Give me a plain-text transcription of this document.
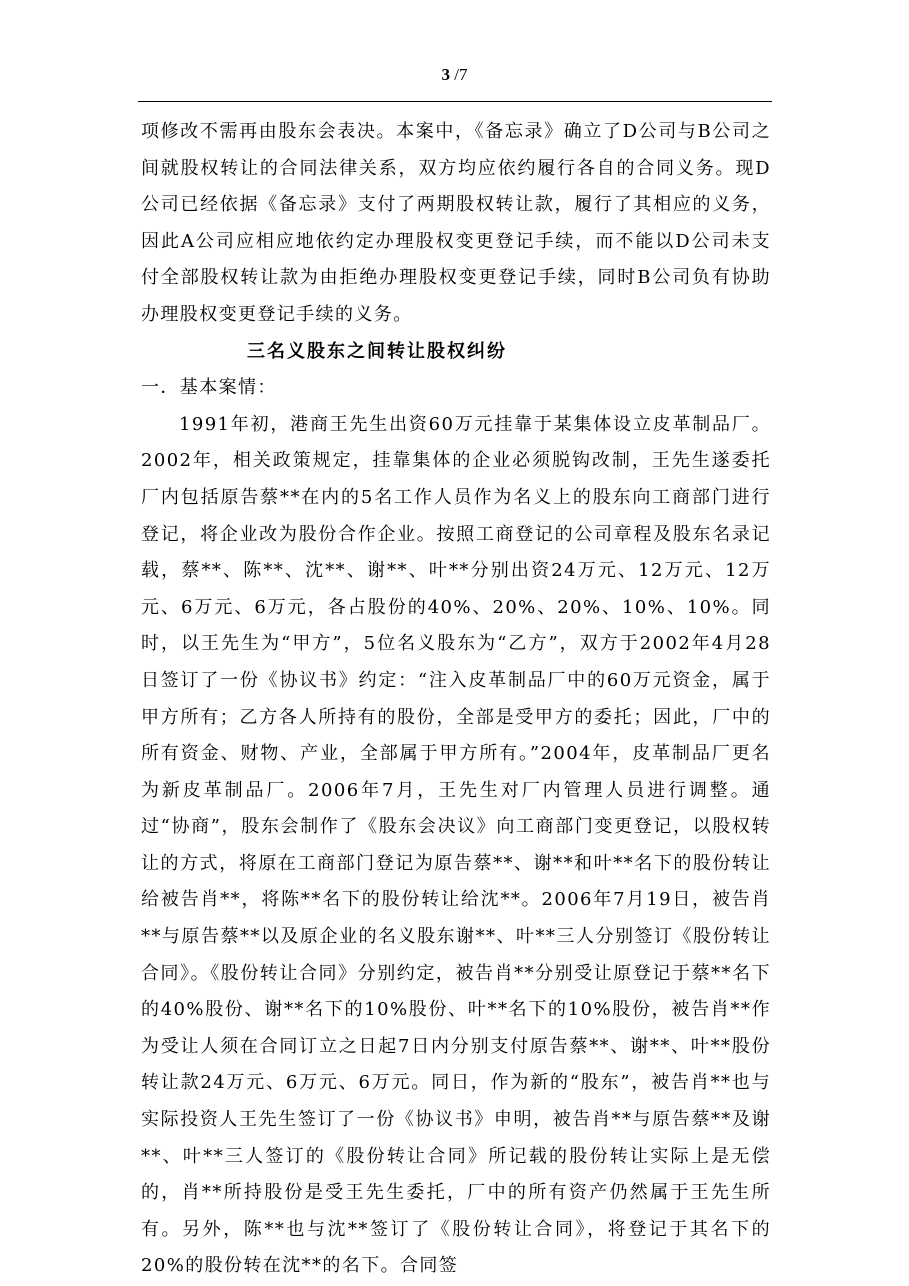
3 /7

项修改不需再由股东会表决。本案中，《备忘录》确立了D公司与B公司之间就股权转让的合同法律关系，双方均应依约履行各自的合同义务。现D公司已经依据《备忘录》支付了两期股权转让款，履行了其相应的义务，因此A公司应相应地依约定办理股权变更登记手续，而不能以D公司未支付全部股权转让款为由拒绝办理股权变更登记手续，同时B公司负有协助办理股权变更登记手续的义务。

三名义股东之间转让股权纠纷

一．基本案情：

1991年初，港商王先生出资60万元挂靠于某集体设立皮革制品厂。2002年，相关政策规定，挂靠集体的企业必须脱钩改制，王先生遂委托厂内包括原告蔡**在内的5名工作人员作为名义上的股东向工商部门进行登记，将企业改为股份合作企业。按照工商登记的公司章程及股东名录记载，蔡**、陈**、沈**、谢**、叶**分别出资24万元、12万元、12万元、6万元、6万元，各占股份的40%、20%、20%、10%、10%。同时，以王先生为“甲方”，5位名义股东为“乙方”，双方于2002年4月28日签订了一份《协议书》约定：“注入皮革制品厂中的60万元资金，属于甲方所有；乙方各人所持有的股份，全部是受甲方的委托；因此，厂中的所有资金、财物、产业，全部属于甲方所有。”2004年，皮革制品厂更名为新皮革制品厂。2006年7月，王先生对厂内管理人员进行调整。通过“协商”，股东会制作了《股东会决议》向工商部门变更登记，以股权转让的方式，将原在工商部门登记为原告蔡**、谢**和叶**名下的股份转让给被告肖**，将陈**名下的股份转让给沈**。2006年7月19日，被告肖**与原告蔡**以及原企业的名义股东谢**、叶**三人分别签订《股份转让合同》。《股份转让合同》分别约定，被告肖**分别受让原登记于蔡**名下的40%股份、谢**名下的10%股份、叶**名下的10%股份，被告肖**作为受让人须在合同订立之日起7日内分别支付原告蔡**、谢**、叶**股份转让款24万元、6万元、6万元。同日，作为新的“股东”，被告肖**也与实际投资人王先生签订了一份《协议书》申明，被告肖**与原告蔡**及谢**、叶**三人签订的《股份转让合同》所记载的股份转让实际上是无偿的，肖**所持股份是受王先生委托，厂中的所有资产仍然属于王先生所有。另外，陈**也与沈**签订了《股份转让合同》，将登记于其名下的20%的股份转在沈**的名下。合同签
